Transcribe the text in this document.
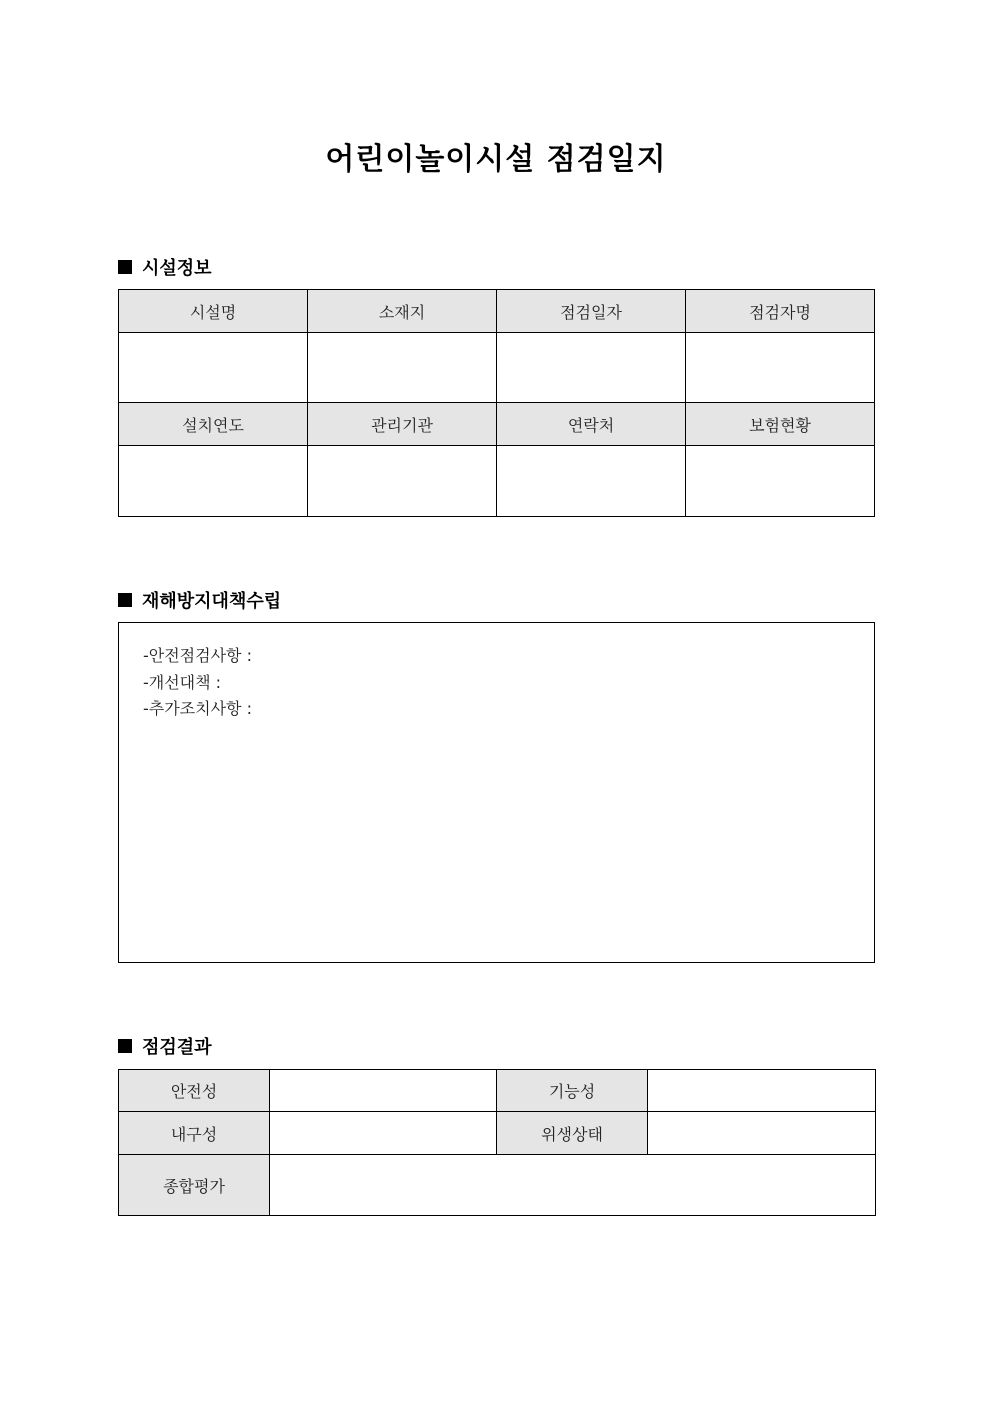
어린이놀이시설 점검일지
시설정보
시설명	소재지	점검일자	점검자명

설치연도	관리기관	연락처	보험현황

재해방지대책수립
-안전점검사항 :
-개선대책 :
-추가조치사항 :
점검결과
안전성		기능성	
내구성		위생상태	
종합평가			
